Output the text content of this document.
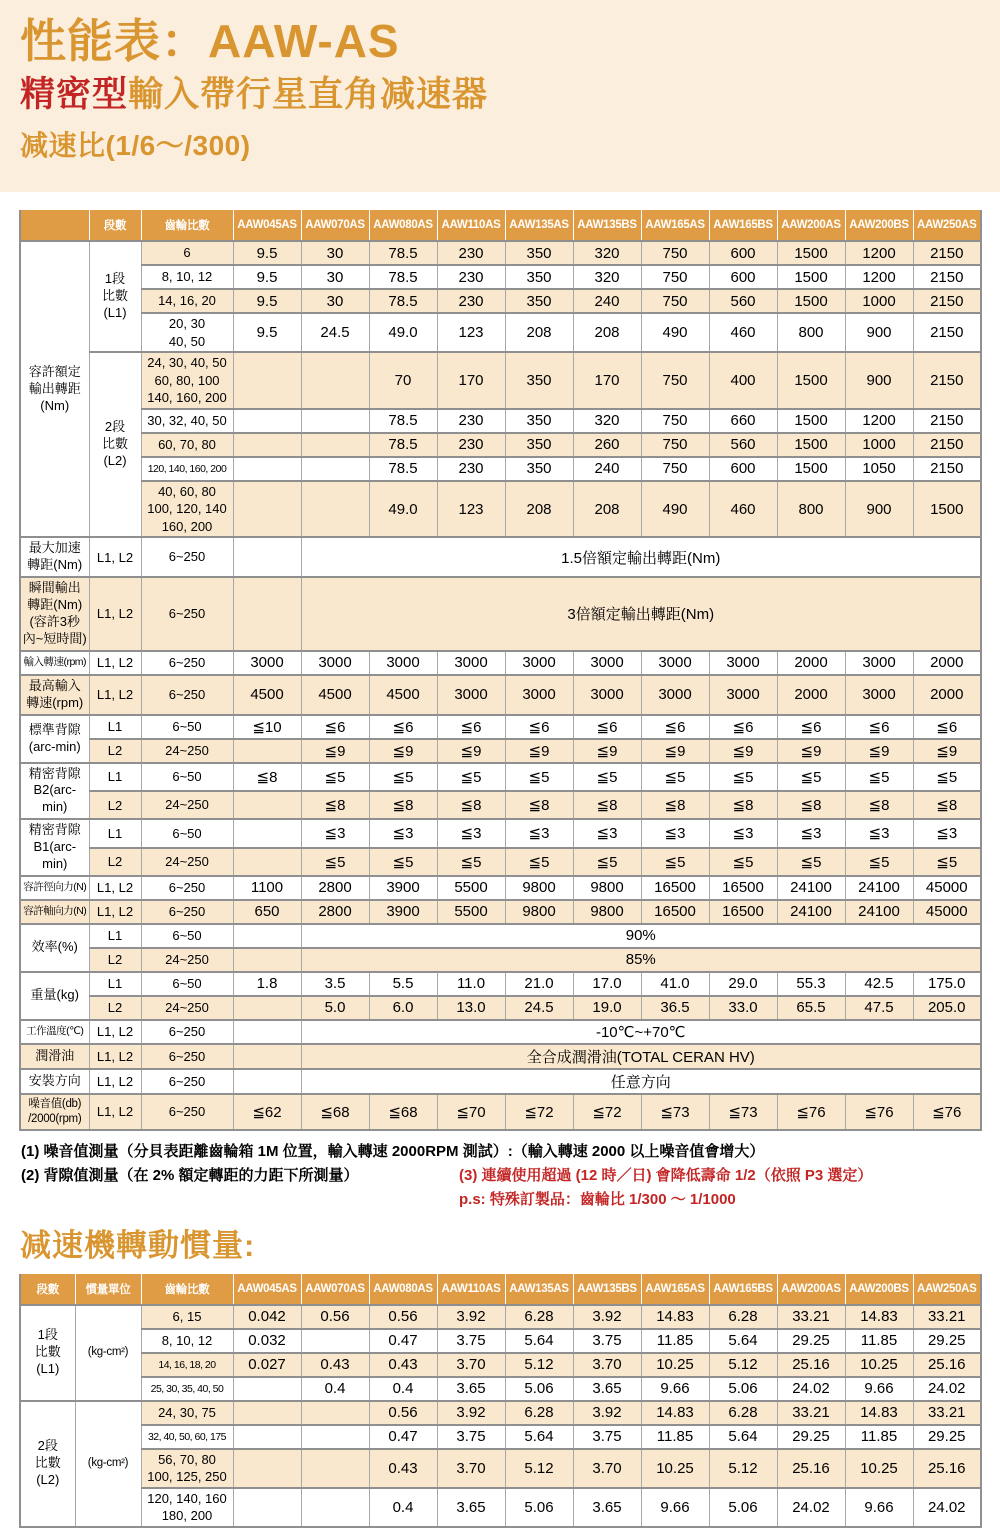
性能表：AAW-AS
精密型輸入帶行星直角减速器
减速比(1/6～/300)
	段數	齒輪比數	AAW045AS	AAW070AS	AAW080AS	AAW110AS	AAW135AS	AAW135BS	AAW165AS	AAW165BS	AAW200AS	AAW200BS	AAW250AS
容許額定
輸出轉距
(Nm)	1段
比數
(L1)	6	9.5	30	78.5	230	350	320	750	600	1500	1200	2150
		8, 10, 12	9.5	30	78.5	230	350	320	750	600	1500	1200	2150
		14, 16, 20	9.5	30	78.5	230	350	240	750	560	1500	1000	2150
		20, 30
40, 50	9.5	24.5	49.0	123	208	208	490	460	800	900	2150
	2段
比數
(L2)	24, 30, 40, 50
60, 80, 100
140, 160, 200			70	170	350	170	750	400	1500	900	2150
		30, 32, 40, 50			78.5	230	350	320	750	660	1500	1200	2150
		60, 70, 80			78.5	230	350	260	750	560	1500	1000	2150
		120, 140, 160, 200			78.5	230	350	240	750	600	1500	1050	2150
		40, 60, 80
100, 120, 140
160, 200			49.0	123	208	208	490	460	800	900	1500
最大加速
轉距(Nm)	L1, L2	6~250		1.5倍額定輸出轉距(Nm)									
瞬間輸出
轉距(Nm)
(容許3秒
內~短時間)	L1, L2	6~250		3倍額定輸出轉距(Nm)									
輸入轉速(rpm)	L1, L2	6~250	3000	3000	3000	3000	3000	3000	3000	3000	2000	3000	2000
最高輸入
轉速(rpm)	L1, L2	6~250	4500	4500	4500	3000	3000	3000	3000	3000	2000	3000	2000
標準背隙
(arc-min)	L1	6~50	≦10	≦6	≦6	≦6	≦6	≦6	≦6	≦6	≦6	≦6	≦6
	L2	24~250		≦9	≦9	≦9	≦9	≦9	≦9	≦9	≦9	≦9	≦9
精密背隙
B2(arc-min)	L1	6~50	≦8	≦5	≦5	≦5	≦5	≦5	≦5	≦5	≦5	≦5	≦5
	L2	24~250		≦8	≦8	≦8	≦8	≦8	≦8	≦8	≦8	≦8	≦8
精密背隙
B1(arc-min)	L1	6~50		≦3	≦3	≦3	≦3	≦3	≦3	≦3	≦3	≦3	≦3
	L2	24~250		≦5	≦5	≦5	≦5	≦5	≦5	≦5	≦5	≦5	≦5
容許徑向力(N)	L1, L2	6~250	1100	2800	3900	5500	9800	9800	16500	16500	24100	24100	45000
容許軸向力(N)	L1, L2	6~250	650	2800	3900	5500	9800	9800	16500	16500	24100	24100	45000
效率(%)	L1	6~50		90%									
	L2	24~250		85%									
重量(kg)	L1	6~50	1.8	3.5	5.5	11.0	21.0	17.0	41.0	29.0	55.3	42.5	175.0
	L2	24~250		5.0	6.0	13.0	24.5	19.0	36.5	33.0	65.5	47.5	205.0
工作溫度(℃)	L1, L2	6~250		-10℃~+70℃									
潤滑油	L1, L2	6~250		全合成潤滑油(TOTAL CERAN HV)									
安裝方向	L1, L2	6~250		任意方向									
噪音值(db)
/2000(rpm)	L1, L2	6~250	≦62	≦68	≦68	≦70	≦72	≦72	≦73	≦73	≦76	≦76	≦76
(1) 噪音值測量（分貝表距離齒輪箱 1M 位置，輸入轉速 2000RPM 測試）:（輸入轉速 2000 以上噪音值會增大）
(2) 背隙值測量（在 2% 額定轉距的力距下所測量）	(3) 連續使用超過 (12 時／日) 會降低壽命 1/2（依照 P3 選定）
p.s: 特殊訂製品：齒輪比 1/300 ～ 1/1000
减速機轉動慣量:
段數	慣量單位	齒輪比數	AAW045AS	AAW070AS	AAW080AS	AAW110AS	AAW135AS	AAW135BS	AAW165AS	AAW165BS	AAW200AS	AAW200BS	AAW250AS
1段
比數
(L1)	(kg-cm²)	6, 15	0.042	0.56	0.56	3.92	6.28	3.92	14.83	6.28	33.21	14.83	33.21
		8, 10, 12	0.032		0.47	3.75	5.64	3.75	11.85	5.64	29.25	11.85	29.25
		14, 16, 18, 20	0.027	0.43	0.43	3.70	5.12	3.70	10.25	5.12	25.16	10.25	25.16
		25, 30, 35, 40, 50		0.4	0.4	3.65	5.06	3.65	9.66	5.06	24.02	9.66	24.02
2段
比數
(L2)	(kg-cm²)	24, 30, 75			0.56	3.92	6.28	3.92	14.83	6.28	33.21	14.83	33.21
		32, 40, 50, 60, 175			0.47	3.75	5.64	3.75	11.85	5.64	29.25	11.85	29.25
		56, 70, 80
100, 125, 250			0.43	3.70	5.12	3.70	10.25	5.12	25.16	10.25	25.16
		120, 140, 160
180, 200			0.4	3.65	5.06	3.65	9.66	5.06	24.02	9.66	24.02
